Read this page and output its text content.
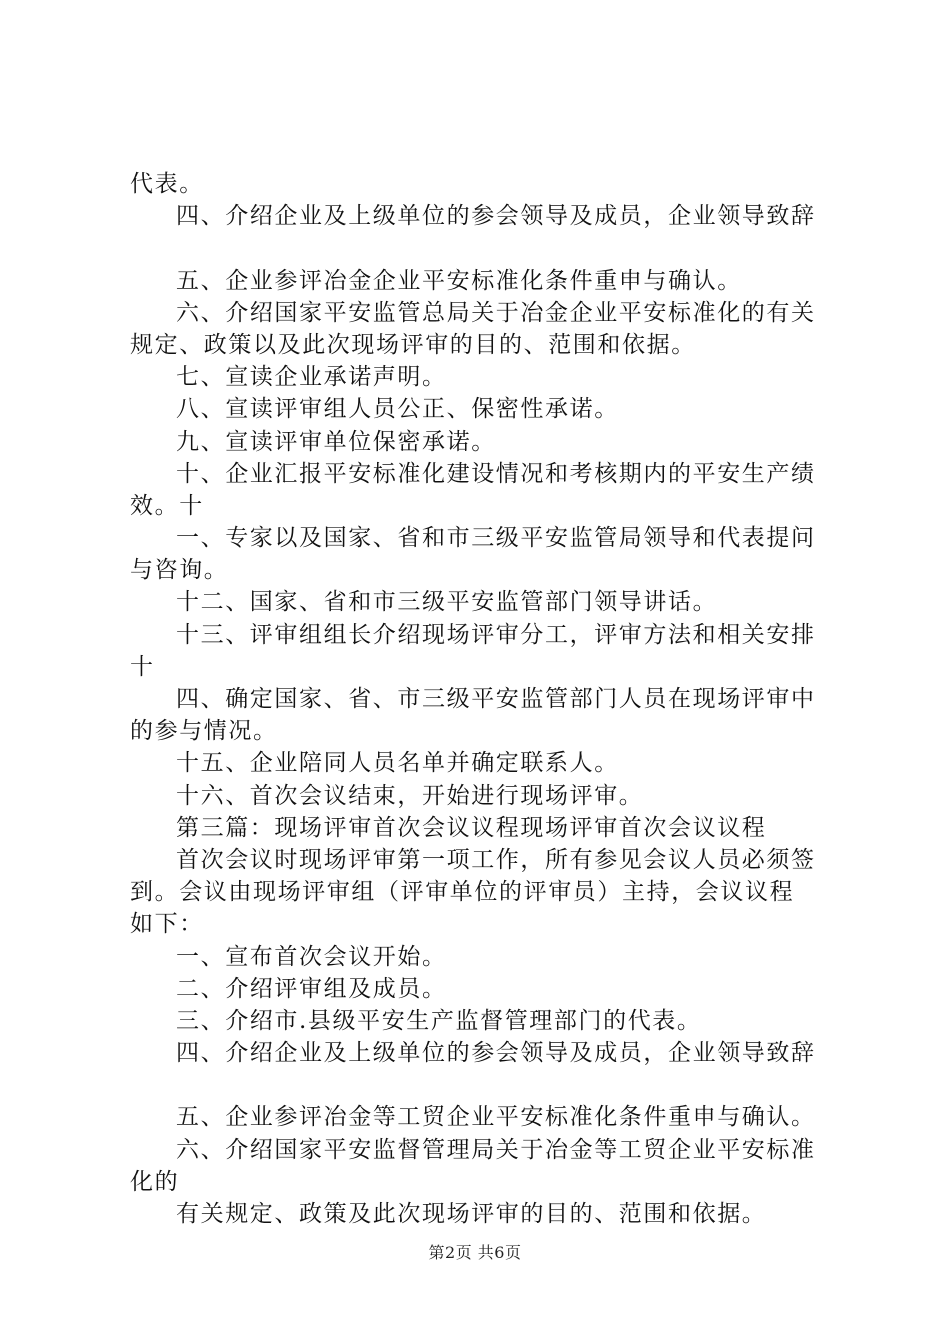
代表。
四、介绍企业及上级单位的参会领导及成员，企业领导致辞
五、企业参评冶金企业平安标准化条件重申与确认。
六、介绍国家平安监管总局关于冶金企业平安标准化的有关
规定、政策以及此次现场评审的目的、范围和依据。
七、宣读企业承诺声明。
八、宣读评审组人员公正、保密性承诺。
九、宣读评审单位保密承诺。
十、企业汇报平安标准化建设情况和考核期内的平安生产绩
效。十
一、专家以及国家、省和市三级平安监管局领导和代表提问
与咨询。
十二、国家、省和市三级平安监管部门领导讲话。
十三、评审组组长介绍现场评审分工，评审方法和相关安排
十
四、确定国家、省、市三级平安监管部门人员在现场评审中
的参与情况。
十五、企业陪同人员名单并确定联系人。
十六、首次会议结束，开始进行现场评审。
第三篇：现场评审首次会议议程现场评审首次会议议程
首次会议时现场评审第一项工作，所有参见会议人员必须签
到。会议由现场评审组（评审单位的评审员）主持，会议议程
如下：
一、宣布首次会议开始。
二、介绍评审组及成员。
三、介绍市.县级平安生产监督管理部门的代表。
四、介绍企业及上级单位的参会领导及成员，企业领导致辞
五、企业参评冶金等工贸企业平安标准化条件重申与确认。
六、介绍国家平安监督管理局关于冶金等工贸企业平安标准
化的
有关规定、政策及此次现场评审的目的、范围和依据。
第2页 共6页
